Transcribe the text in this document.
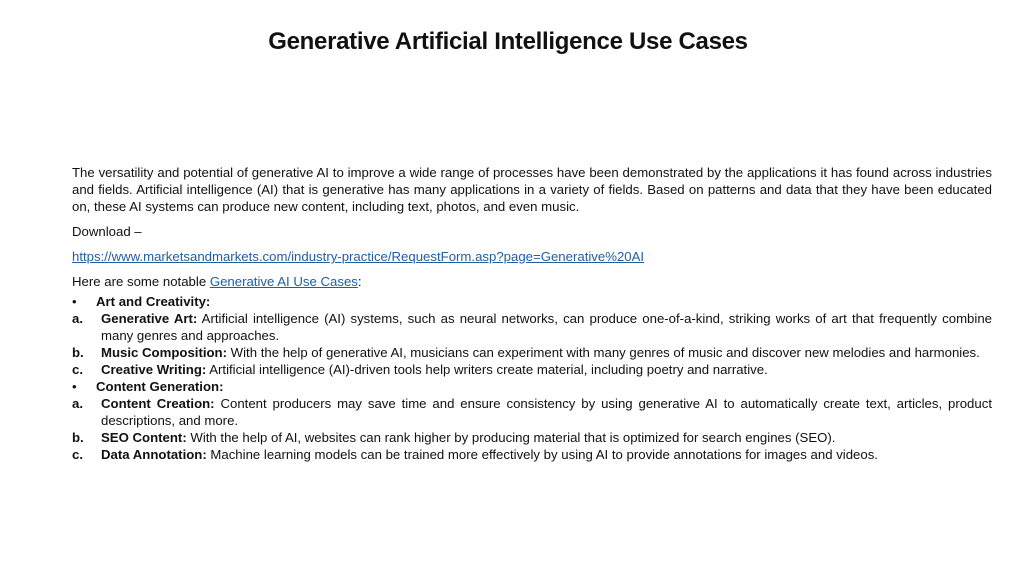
Generative Artificial Intelligence Use Cases

The versatility and potential of generative AI to improve a wide range of processes have been demonstrated by the applications it has found across industries and fields. Artificial intelligence (AI) that is generative has many applications in a variety of fields. Based on patterns and data that they have been educated on, these AI systems can produce new content, including text, photos, and even music.

Download –

https://www.marketsandmarkets.com/industry-practice/RequestForm.asp?page=Generative%20AI

Here are some notable Generative AI Use Cases:

• Art and Creativity:
a. Generative Art: Artificial intelligence (AI) systems, such as neural networks, can produce one-of-a-kind, striking works of art that frequently combine many genres and approaches.
b. Music Composition: With the help of generative AI, musicians can experiment with many genres of music and discover new melodies and harmonies.
c. Creative Writing: Artificial intelligence (AI)-driven tools help writers create material, including poetry and narrative.
• Content Generation:
a. Content Creation: Content producers may save time and ensure consistency by using generative AI to automatically create text, articles, product descriptions, and more.
b. SEO Content: With the help of AI, websites can rank higher by producing material that is optimized for search engines (SEO).
c. Data Annotation: Machine learning models can be trained more effectively by using AI to provide annotations for images and videos.
